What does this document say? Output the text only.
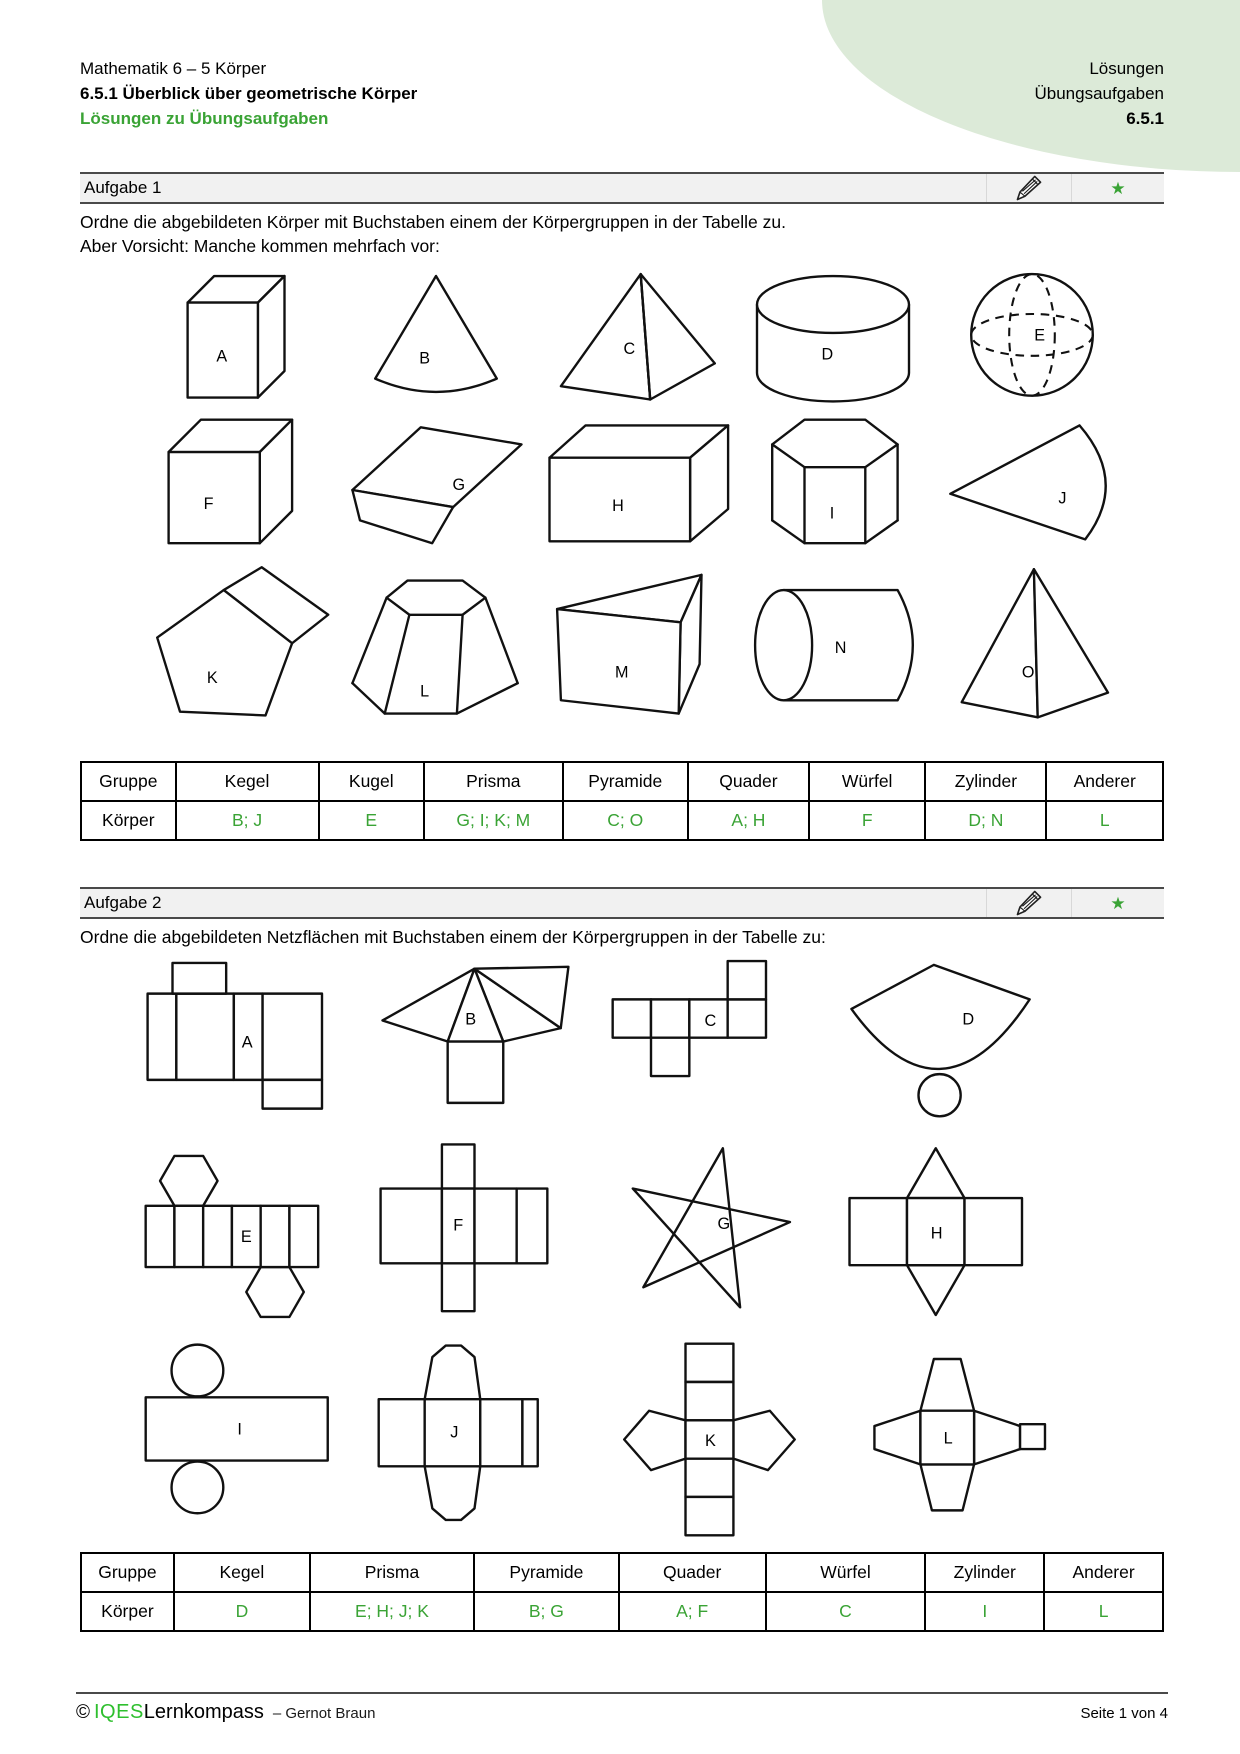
Mathematik 6 – 5 Körper
6.5.1 Überblick über geometrische Körper
Lösungen zu Übungsaufgaben
Lösungen
Übungsaufgaben
6.5.1
Aufgabe 1	★
Ordne die abgebildeten Körper mit Buchstaben einem der Körpergruppen in der Tabelle zu.
Aber Vorsicht: Manche kommen mehrfach vor:
A	B
C	D
E
F
G
H	I
J
K
L
M
N
O
Gruppe	Kegel	Kugel	Prisma	Pyramide	Quader	Würfel	Zylinder	Anderer
Körper	B; J	E	G; I; K; M	C; O	A; H	F	D; N	L
Aufgabe 2	★
Ordne die abgebildeten Netzflächen mit Buchstaben einem der Körpergruppen in der Tabelle zu:
A
B	C	D
E
F	G
H
I	J	K	L
Gruppe	Kegel	Prisma	Pyramide	Quader	Würfel	Zylinder	Anderer
Körper	D	E; H; J; K	B; G	A; F	C	I	L
© IQES Lernkompass – Gernot Braun	Seite 1 von 4
